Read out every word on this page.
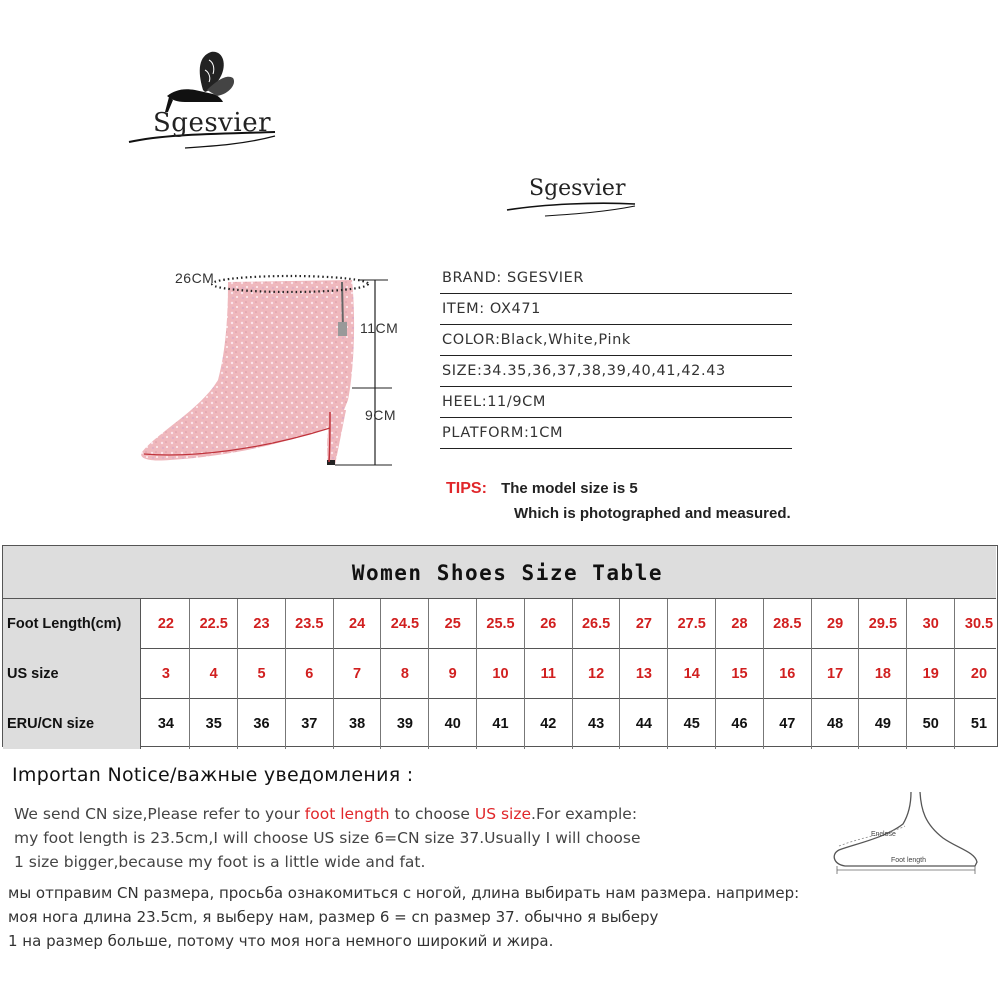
Sgesvier
Sgesvier
26CM
11CM
9CM
BRAND: SGESVIER
ITEM: OX471
COLOR:Black,White,Pink
SIZE:34.35,36,37,38,39,40,41,42.43
HEEL:11/9CM
PLATFORM:1CM
TIPS: The model size is 5
Which is photographed and measured.
Women Shoes Size Table
Foot Length(cm)	22	22.5	23	23.5	24	24.5	25	25.5	26	26.5	27	27.5	28	28.5	29	29.5	30	30.5
US size	3	4	5	6	7	8	9	10	11	12	13	14	15	16	17	18	19	20
ERU/CN size	34	35	36	37	38	39	40	41	42	43	44	45	46	47	48	49	50	51
Importan Notice/важные уведомления :
We send CN size,Please refer to your foot length to choose US size.For example:
my foot length is 23.5cm,I will choose US size 6=CN size 37.Usually I will choose
1 size bigger,because my foot is a little wide and fat.
мы отправим CN размера, просьба ознакомиться с ногой, длина выбирать нам размера. например:
моя нога длина 23.5cm, я выберу нам, размер 6 = cn размер 37. обычно я выберу
1 на размер больше, потому что моя нога немного широкий и жира.
Enclose
Foot length
